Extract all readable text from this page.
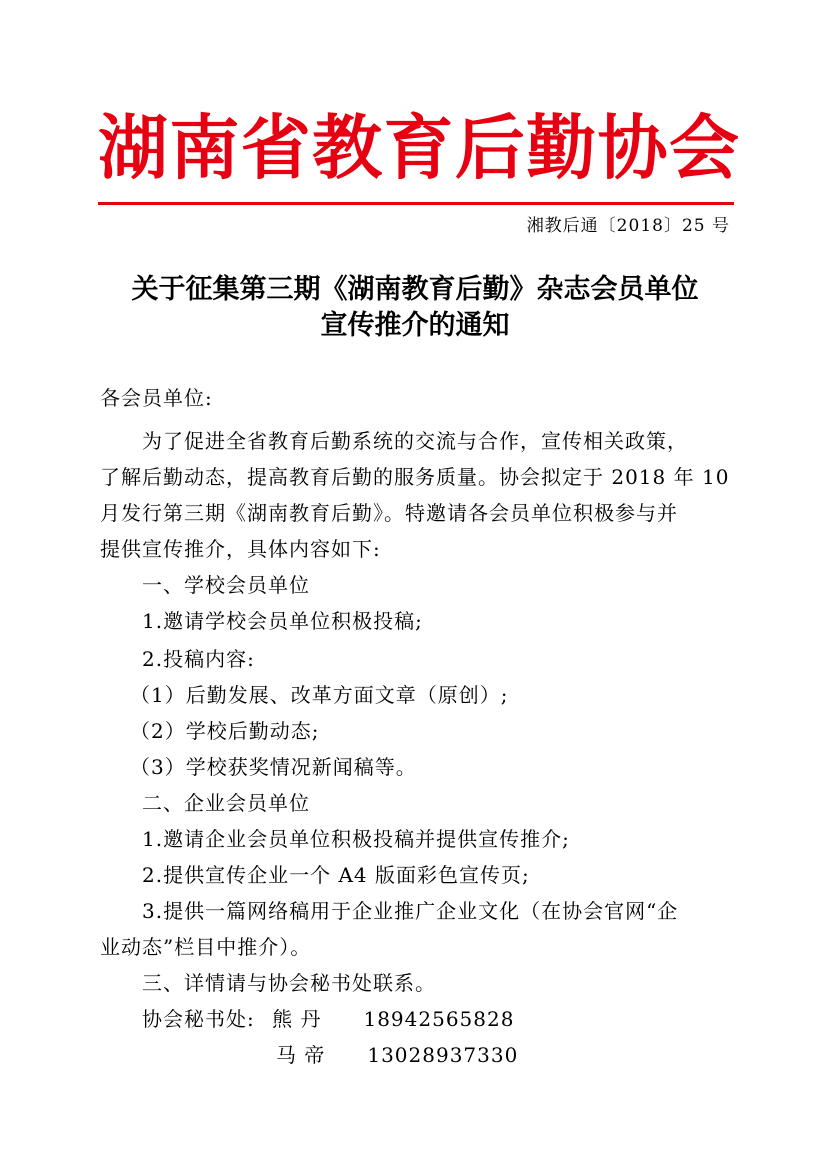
湖南省教育后勤协会
湘教后通〔2018〕25 号
关于征集第三期《湖南教育后勤》杂志会员单位
宣传推介的通知
各会员单位:
为了促进全省教育后勤系统的交流与合作，宣传相关政策，
了解后勤动态，提高教育后勤的服务质量。协会拟定于 2018 年 10
月发行第三期《湖南教育后勤》。特邀请各会员单位积极参与并
提供宣传推介，具体内容如下:
一、学校会员单位
1.邀请学校会员单位积极投稿;
2.投稿内容:
（1）后勤发展、改革方面文章（原创）;
（2）学校后勤动态;
（3）学校获奖情况新闻稿等。
二、企业会员单位
1.邀请企业会员单位积极投稿并提供宣传推介;
2.提供宣传企业一个 A4 版面彩色宣传页;
3.提供一篇网络稿用于企业推广企业文化（在协会官网“企
业动态”栏目中推介）。
三、详情请与协会秘书处联系。
协会秘书处: 熊 丹 18942565828
马 帝 13028937330
